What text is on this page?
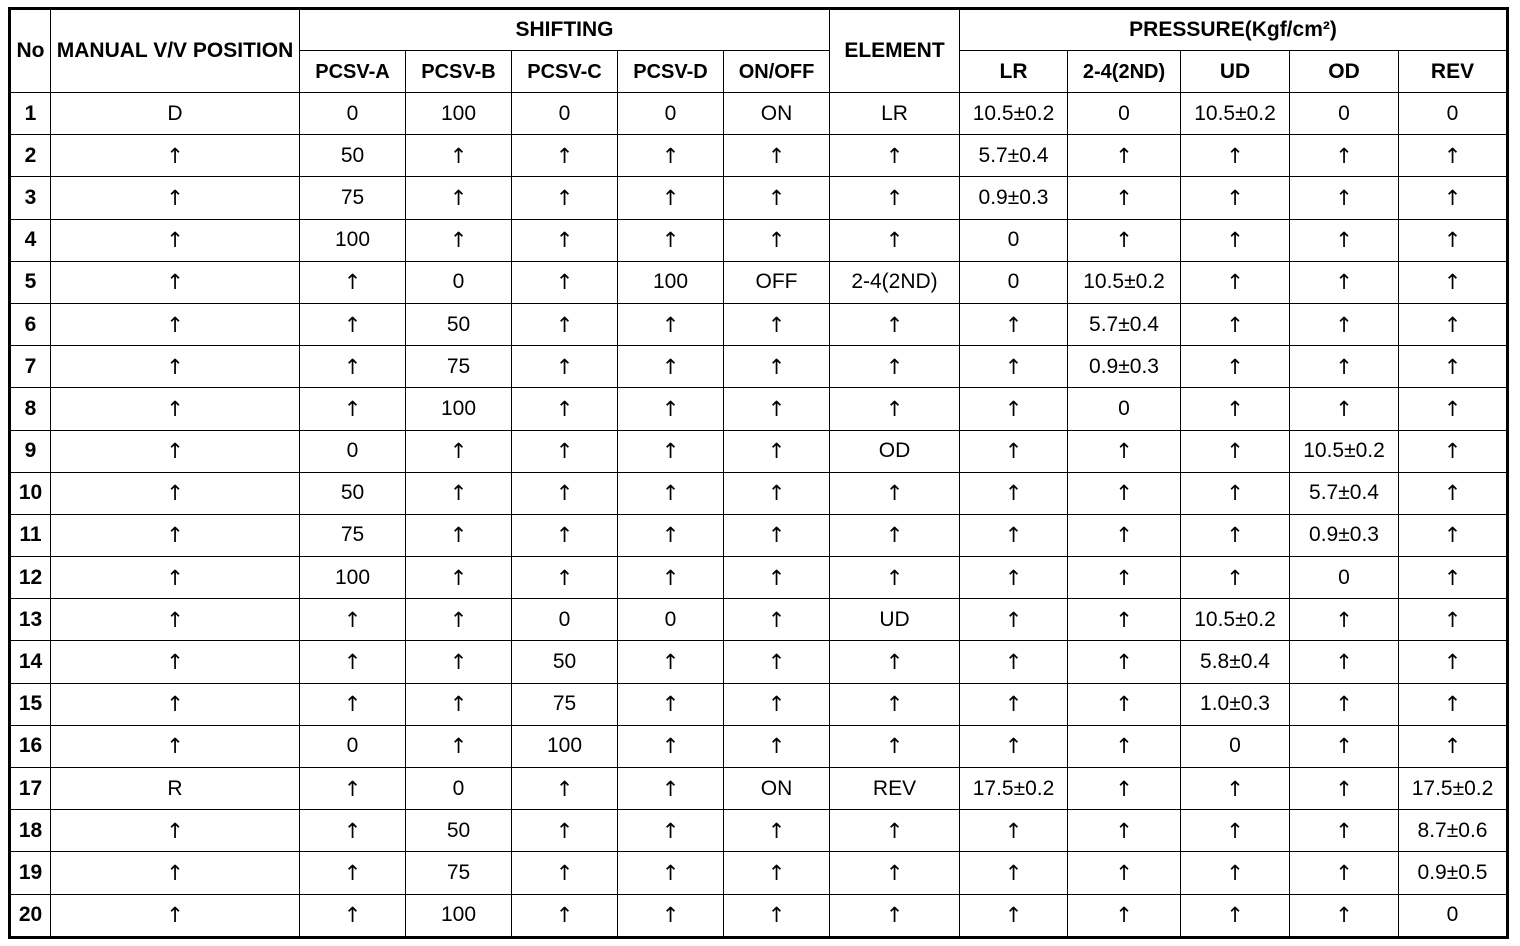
No	MANUAL V/V POSITION	SHIFTING					ELEMENT	PRESSURE(Kgf/cm²)				
		PCSV-A	PCSV-B	PCSV-C	PCSV-D	ON/OFF		LR	2-4(2ND)	UD	OD	REV
1	D	0	100	0	0	ON	LR	10.5±0.2	0	10.5±0.2	0	0
2	↑	50	↑	↑	↑	↑	↑	5.7±0.4	↑	↑	↑	↑
3	↑	75	↑	↑	↑	↑	↑	0.9±0.3	↑	↑	↑	↑
4	↑	100	↑	↑	↑	↑	↑	0	↑	↑	↑	↑
5	↑	↑	0	↑	100	OFF	2-4(2ND)	0	10.5±0.2	↑	↑	↑
6	↑	↑	50	↑	↑	↑	↑	↑	5.7±0.4	↑	↑	↑
7	↑	↑	75	↑	↑	↑	↑	↑	0.9±0.3	↑	↑	↑
8	↑	↑	100	↑	↑	↑	↑	↑	0	↑	↑	↑
9	↑	0	↑	↑	↑	↑	OD	↑	↑	↑	10.5±0.2	↑
10	↑	50	↑	↑	↑	↑	↑	↑	↑	↑	5.7±0.4	↑
11	↑	75	↑	↑	↑	↑	↑	↑	↑	↑	0.9±0.3	↑
12	↑	100	↑	↑	↑	↑	↑	↑	↑	↑	0	↑
13	↑	↑	↑	0	0	↑	UD	↑	↑	10.5±0.2	↑	↑
14	↑	↑	↑	50	↑	↑	↑	↑	↑	5.8±0.4	↑	↑
15	↑	↑	↑	75	↑	↑	↑	↑	↑	1.0±0.3	↑	↑
16	↑	0	↑	100	↑	↑	↑	↑	↑	0	↑	↑
17	R	↑	0	↑	↑	ON	REV	17.5±0.2	↑	↑	↑	17.5±0.2
18	↑	↑	50	↑	↑	↑	↑	↑	↑	↑	↑	8.7±0.6
19	↑	↑	75	↑	↑	↑	↑	↑	↑	↑	↑	0.9±0.5
20	↑	↑	100	↑	↑	↑	↑	↑	↑	↑	↑	0
